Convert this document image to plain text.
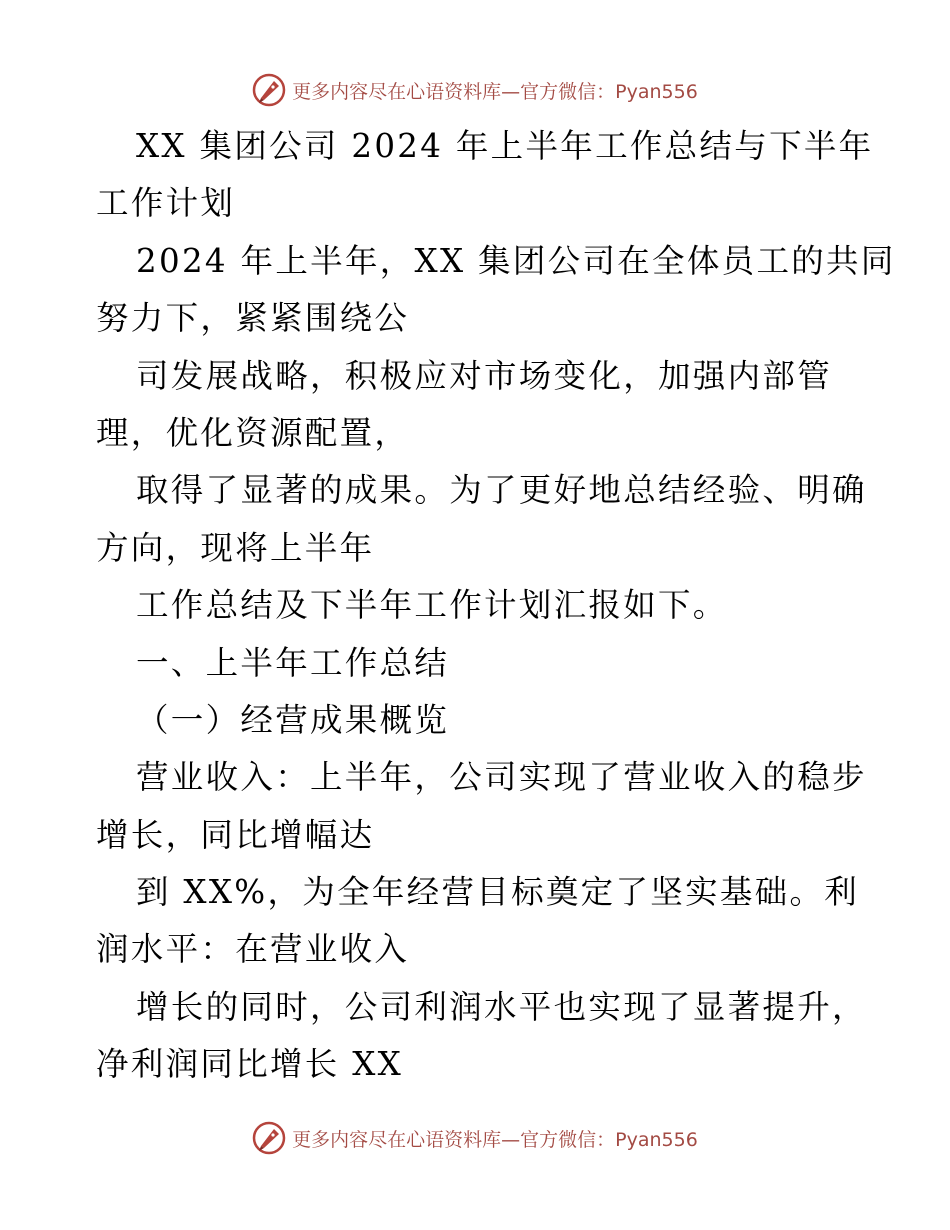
更多内容尽在心语资料库—官方微信：Pyan556
XX 集团公司 2024 年上半年工作总结与下半年
工作计划
2024 年上半年，XX 集团公司在全体员工的共同
努力下，紧紧围绕公
司发展战略，积极应对市场变化，加强内部管
理，优化资源配置，
取得了显著的成果。为了更好地总结经验、明确
方向，现将上半年
工作总结及下半年工作计划汇报如下。
一、上半年工作总结
（一）经营成果概览
营业收入：上半年，公司实现了营业收入的稳步
增长，同比增幅达
到 XX%，为全年经营目标奠定了坚实基础。利
润水平：在营业收入
增长的同时，公司利润水平也实现了显著提升，
净利润同比增长 XX
更多内容尽在心语资料库—官方微信：Pyan556
